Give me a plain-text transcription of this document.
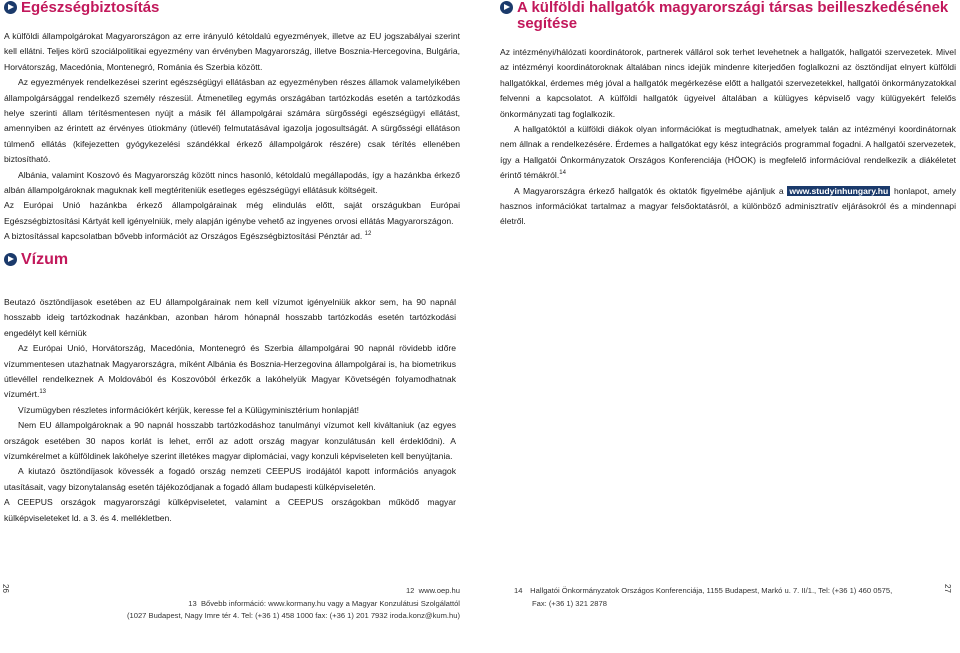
Egészségbiztosítás

A külföldi állampolgárokat Magyarországon az erre irányuló kétoldalú egyezmények, illetve az EU jogszabályai szerint kell ellátni. Teljes körű szociálpolitikai egyezmény van érvényben Magyarország, illetve Bosznia-Hercegovina, Bulgária, Horvátország, Macedónia, Montenegró, Románia és Szerbia között.

Az egyezmények rendelkezései szerint egészségügyi ellátásban az egyezményben részes államok valamelyikében állampolgársággal rendelkező személy részesül. Átmenetileg egymás országában tartózkodás esetén a tartózkodás helye szerinti állam térítésmentesen nyújt a másik fél állampolgárai számára sürgősségi egészségügyi ellátást, amennyiben az érintett az érvényes útiokmány (útlevél) felmutatásával igazolja jogosultságát. A sürgősségi ellátáson túlmenő ellátás (kifejezetten gyógykezelési szándékkal érkező állampolgárok részére) csak térítés ellenében biztosítható.

Albánia, valamint Koszovó és Magyarország között nincs hasonló, kétoldalú megállapodás, így a hazánkba érkező albán állampolgároknak maguknak kell megtériteniük esetleges egészségügyi ellátásuk költségeit.

Az Európai Unió hazánkba érkező állampolgárainak még elindulás előtt, saját országukban Európai Egészségbiztosítási Kártyát kell igényelniük, mely alapján igénybe vehető az ingyenes orvosi ellátás Magyarországon.

A biztosítással kapcsolatban bővebb információt az Országos Egészségbiztosítási Pénztár ad. $^{12}$

A külföldi hallgatók magyarországi társas beilleszkedésének segítése

Az intézményi/hálózati koordinátorok, partnerek vállárol sok terhet levehetnek a hallgatók, hallgatói szervezetek. Mivel az intézményi koordinátoroknak általában nincs idejük mindenre kiterjedően foglalkozni az ösztöndíjat elnyert külföldi hallgatókkal, érdemes még jóval a hallgatók megérkezése előtt a hallgatói szervezetekkel, hallgatói önkormányzatokkal felvenni a kapcsolatot. A külföldi hallgatók ügyeivel általában a külügyes képviselő vagy külügyekért felelős önkormányzati tag foglalkozik.

A hallgatóktól a külföldi diákok olyan információkat is megtudhatnak, amelyek talán az intézményi koordinátornak nem állnak a rendelkezésére. Érdemes a hallgatókat egy kész integrációs programmal fogadni. A hallgatói szervezetek, így a Hallgatói Önkormányzatok Országos Konferenciája (HÖOK) is megfelelő információval rendelkezik a diákéletet érintő témákról.$^{14}$

A Magyarországra érkező hallgatók és oktatók figyelmébe ajánljuk a www.studyinhungary.hu honlapot, amely hasznos információkat tartalmaz a magyar felsőoktatásról, a különböző adminisztratív eljárásokról és a mindennapi életről.

Vízum

Beutazó ösztöndíjasok esetében az EU állampolgárainak nem kell vízumot igényelniük akkor sem, ha 90 napnál hosszabb ideig tartózkodnak hazánkban, azonban három hónapnál hosszabb tartózkodás esetén tartózkodási engedélyt kell kérniük

Az Európai Unió, Horvátország, Macedónia, Montenegró és Szerbia állampolgárai 90 napnál rövidebb időre vízummentesen utazhatnak Magyarországra, míként Albánia és Bosznia-Herzegovina állampolgárai is, ha biometrikus útlevéllel rendelkeznek A Moldovából és Koszovóból érkezők a lakóhelyük Magyar Követségén folyamodhatnak vízumért.$^{13}$

Vízumügyben részletes információkért kérjük, keresse fel a Külügyminisztérium honlapját!

Nem EU állampolgároknak a 90 napnál hosszabb tartózkodáshoz tanulmányi vízumot kell kiváltaniuk (az egyes országok esetében 30 napos korlát is lehet, erről az adott ország magyar konzulátusán kell érdeklődni). A vízumkérelmet a külföldinek lakóhelye szerint illetékes magyar diplomáciai, vagy konzuli képviseleten kell benyújtania.

A kiutazó ösztöndíjasok kövessék a fogadó ország nemzeti CEEPUS irodájától kapott információs anyagok utasításait, vagy bizonytalanság esetén tájékozódjanak a fogadó állam budapesti külképviseletén.

A CEEPUS országok magyarországi külképviseletet, valamint a CEEPUS országokban működő magyar külképviseleteket ld. a 3. és 4. mellékletben.

26	27
12 www.oep.hu
13 Bővebb információ: www.kormany.hu vagy a Magyar Konzulátusi Szolgálattól
(1027 Budapest, Nagy Imre tér 4. Tel: (+36 1) 458 1000 fax: (+36 1) 201 7932 iroda.konz@kum.hu)
14 Hallgatói Önkormányzatok Országos Konferenciája, 1155 Budapest, Markó u. 7. II/1., Tel: (+36 1) 460 0575,
Fax: (+36 1) 321 2878
